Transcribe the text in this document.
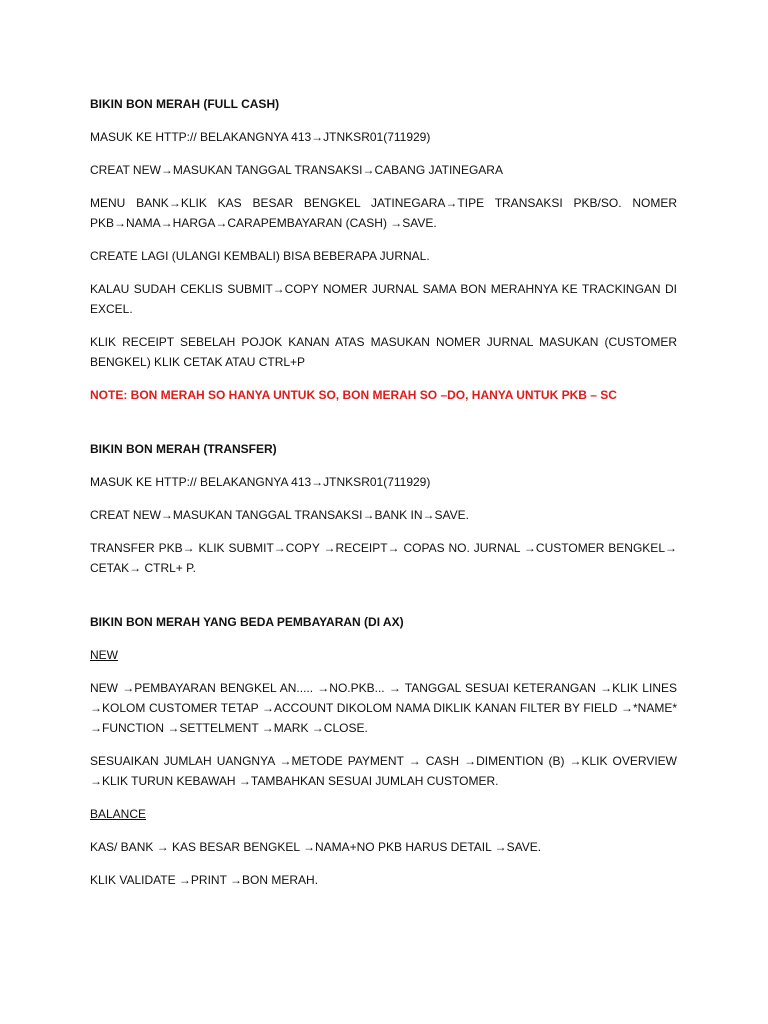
BIKIN BON MERAH (FULL CASH)

MASUK KE HTTP:// BELAKANGNYA 413→JTNKSR01(711929)

CREAT NEW→MASUKAN TANGGAL TRANSAKSI→CABANG JATINEGARA

MENU BANK→KLIK KAS BESAR BENGKEL JATINEGARA→TIPE TRANSAKSI PKB/SO. NOMER PKB→NAMA→HARGA→CARAPEMBAYARAN (CASH) →SAVE.

CREATE LAGI (ULANGI KEMBALI) BISA BEBERAPA JURNAL.

KALAU SUDAH CEKLIS SUBMIT→COPY NOMER JURNAL SAMA BON MERAHNYA KE TRACKINGAN DI EXCEL.

KLIK RECEIPT SEBELAH POJOK KANAN ATAS MASUKAN NOMER JURNAL MASUKAN (CUSTOMER BENGKEL) KLIK CETAK ATAU CTRL+P

NOTE: BON MERAH SO HANYA UNTUK SO, BON MERAH SO –DO, HANYA UNTUK PKB – SC

BIKIN BON MERAH (TRANSFER)

MASUK KE HTTP:// BELAKANGNYA 413→JTNKSR01(711929)

CREAT NEW→MASUKAN TANGGAL TRANSAKSI→BANK IN→SAVE.

TRANSFER PKB→ KLIK SUBMIT→COPY →RECEIPT→ COPAS NO. JURNAL →CUSTOMER BENGKEL→ CETAK→ CTRL+ P.

BIKIN BON MERAH YANG BEDA PEMBAYARAN (DI AX)

NEW

NEW →PEMBAYARAN BENGKEL AN..... →NO.PKB... → TANGGAL SESUAI KETERANGAN →KLIK LINES →KOLOM CUSTOMER TETAP →ACCOUNT DIKOLOM NAMA DIKLIK KANAN FILTER BY FIELD →*NAME* →FUNCTION →SETTELMENT →MARK →CLOSE.

SESUAIKAN JUMLAH UANGNYA →METODE PAYMENT → CASH →DIMENTION (B) →KLIK OVERVIEW →KLIK TURUN KEBAWAH →TAMBAHKAN SESUAI JUMLAH CUSTOMER.

BALANCE

KAS/ BANK → KAS BESAR BENGKEL →NAMA+NO PKB HARUS DETAIL →SAVE.

KLIK VALIDATE →PRINT →BON MERAH.
